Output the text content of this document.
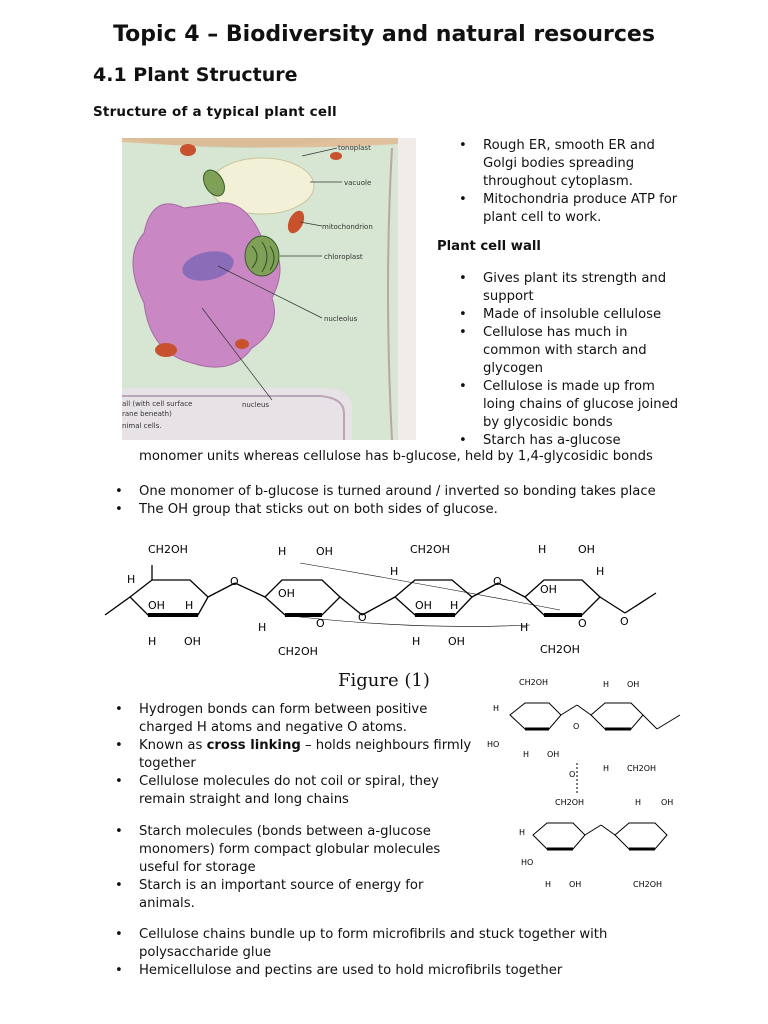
Topic 4 – Biodiversity and natural resources
4.1 Plant Structure
Structure of a typical plant cell
tonoplast
vacuole
mitochondrion
chloroplast
nucleolus
nucleus
all (with cell surface
rane beneath)
nimal cells.
• Rough ER, smooth ER and Golgi bodies spreading throughout cytoplasm.
• Mitochondria produce ATP for plant cell to work.
Plant cell wall
• Gives plant its strength and support
• Made of insoluble cellulose
• Cellulose has much in common with starch and glycogen
• Cellulose is made up from loing chains of glucose joined by glycosidic bonds
• Starch has a-glucose
monomer units whereas cellulose has b-glucose, held by 1,4-glycosidic bonds
• One monomer of b-glucose is turned around / inverted so bonding takes place
• The OH group that sticks out on both sides of glucose.
CH2OH
H
OH H
H	OH
O
H	OH
OH
H	O
CH2OH
O
CH2OH
H
OH H
H	OH
O
H	OH
OH
H	O
CH2OH
H
O
Figure (1)
• Hydrogen bonds can form between positive charged H atoms and negative O atoms.
• Known as cross linking – holds neighbours firmly together
• Cellulose molecules do not coil or spiral, they remain straight and long chains
• Starch molecules (bonds between a-glucose monomers) form compact globular molecules useful for storage
• Starch is an important source of energy for animals.
• Cellulose chains bundle up to form microfibrils and stuck together with polysaccharide glue
• Hemicellulose and pectins are used to hold microfibrils together
CH2OH	H OH
H
HO
H OH
O
H CH2OH
O
CH2OH	H OH
H
HO
H OH	CH2OH
